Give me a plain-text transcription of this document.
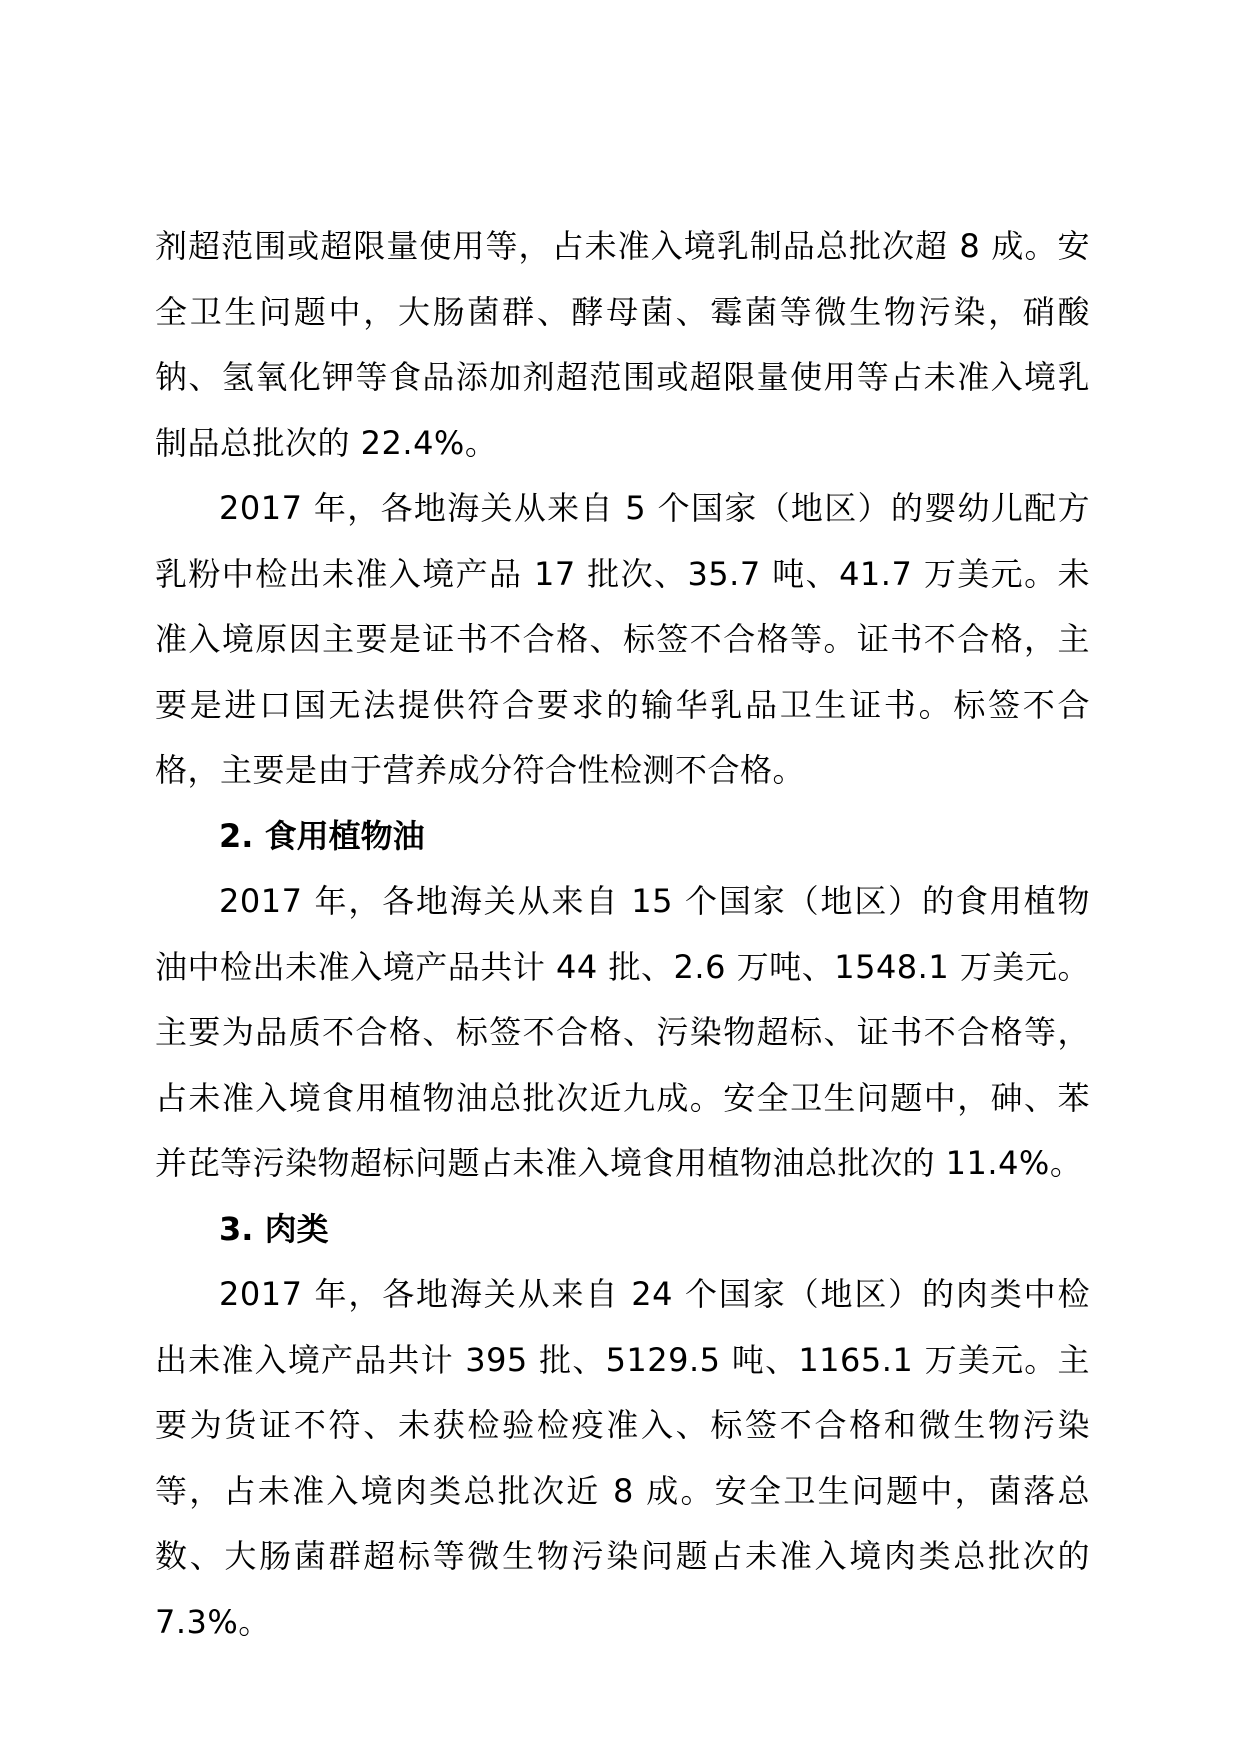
剂超范围或超限量使用等，占未准入境乳制品总批次超 8 成。安全卫生问题中，大肠菌群、酵母菌、霉菌等微生物污染，硝酸钠、氢氧化钾等食品添加剂超范围或超限量使用等占未准入境乳制品总批次的 22.4%。

2017 年，各地海关从来自 5 个国家（地区）的婴幼儿配方乳粉中检出未准入境产品 17 批次、35.7 吨、41.7 万美元。未准入境原因主要是证书不合格、标签不合格等。证书不合格，主要是进口国无法提供符合要求的输华乳品卫生证书。标签不合格，主要是由于营养成分符合性检测不合格。

2. 食用植物油

2017 年，各地海关从来自 15 个国家（地区）的食用植物油中检出未准入境产品共计 44 批、2.6 万吨、1548.1 万美元。主要为品质不合格、标签不合格、污染物超标、证书不合格等，占未准入境食用植物油总批次近九成。安全卫生问题中，砷、苯并芘等污染物超标问题占未准入境食用植物油总批次的 11.4%。

3. 肉类

2017 年，各地海关从来自 24 个国家（地区）的肉类中检出未准入境产品共计 395 批、5129.5 吨、1165.1 万美元。主要为货证不符、未获检验检疫准入、标签不合格和微生物污染等，占未准入境肉类总批次近 8 成。安全卫生问题中，菌落总数、大肠菌群超标等微生物污染问题占未准入境肉类总批次的 7.3%。
